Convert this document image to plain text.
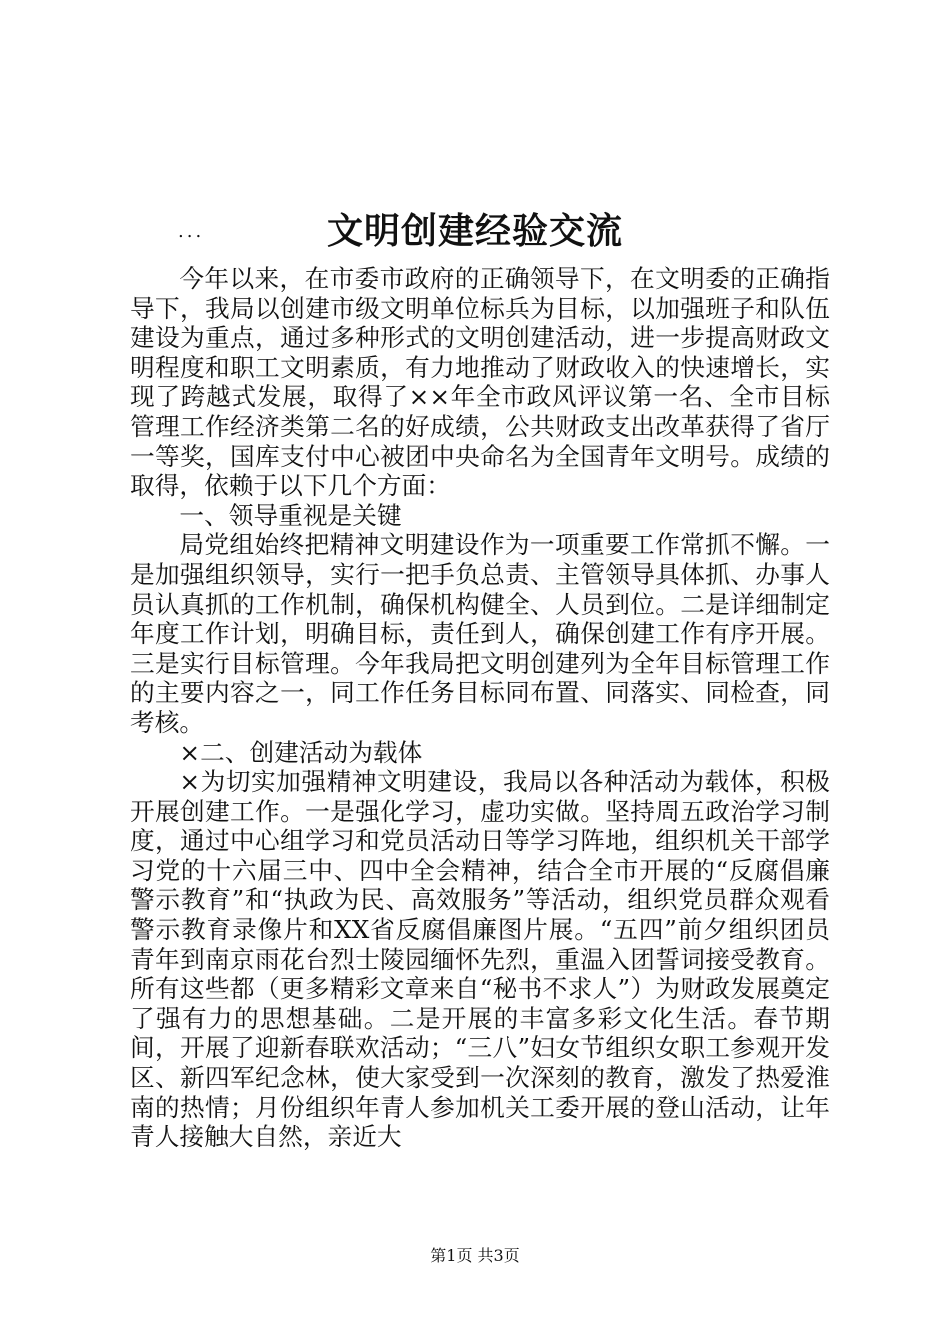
文明创建经验交流
...

今年以来，在市委市政府的正确领导下，在文明委的正确指导下，我局以创建市级文明单位标兵为目标，以加强班子和队伍建设为重点，通过多种形式的文明创建活动，进一步提高财政文明程度和职工文明素质，有力地推动了财政收入的快速增长，实现了跨越式发展，取得了××年全市政风评议第一名、全市目标管理工作经济类第二名的好成绩，公共财政支出改革获得了省厅一等奖，国库支付中心被团中央命名为全国青年文明号。成绩的取得，依赖于以下几个方面：

一、领导重视是关键

局党组始终把精神文明建设作为一项重要工作常抓不懈。一是加强组织领导，实行一把手负总责、主管领导具体抓、办事人员认真抓的工作机制，确保机构健全、人员到位。二是详细制定年度工作计划，明确目标，责任到人，确保创建工作有序开展。三是实行目标管理。今年我局把文明创建列为全年目标管理工作的主要内容之一，同工作任务目标同布置、同落实、同检查，同考核。

×二、创建活动为载体

×为切实加强精神文明建设，我局以各种活动为载体，积极开展创建工作。一是强化学习，虚功实做。坚持周五政治学习制度，通过中心组学习和党员活动日等学习阵地，组织机关干部学习党的十六届三中、四中全会精神，结合全市开展的“反腐倡廉警示教育”和“执政为民、高效服务”等活动，组织党员群众观看警示教育录像片和XX省反腐倡廉图片展。“五四”前夕组织团员青年到南京雨花台烈士陵园缅怀先烈，重温入团誓词接受教育。所有这些都（更多精彩文章来自“秘书不求人”）为财政发展奠定了强有力的思想基础。二是开展的丰富多彩文化生活。春节期间，开展了迎新春联欢活动；“三八”妇女节组织女职工参观开发区、新四军纪念林，使大家受到一次深刻的教育，激发了热爱淮南的热情；月份组织年青人参加机关工委开展的登山活动，让年青人接触大自然，亲近大

第1页 共3页
